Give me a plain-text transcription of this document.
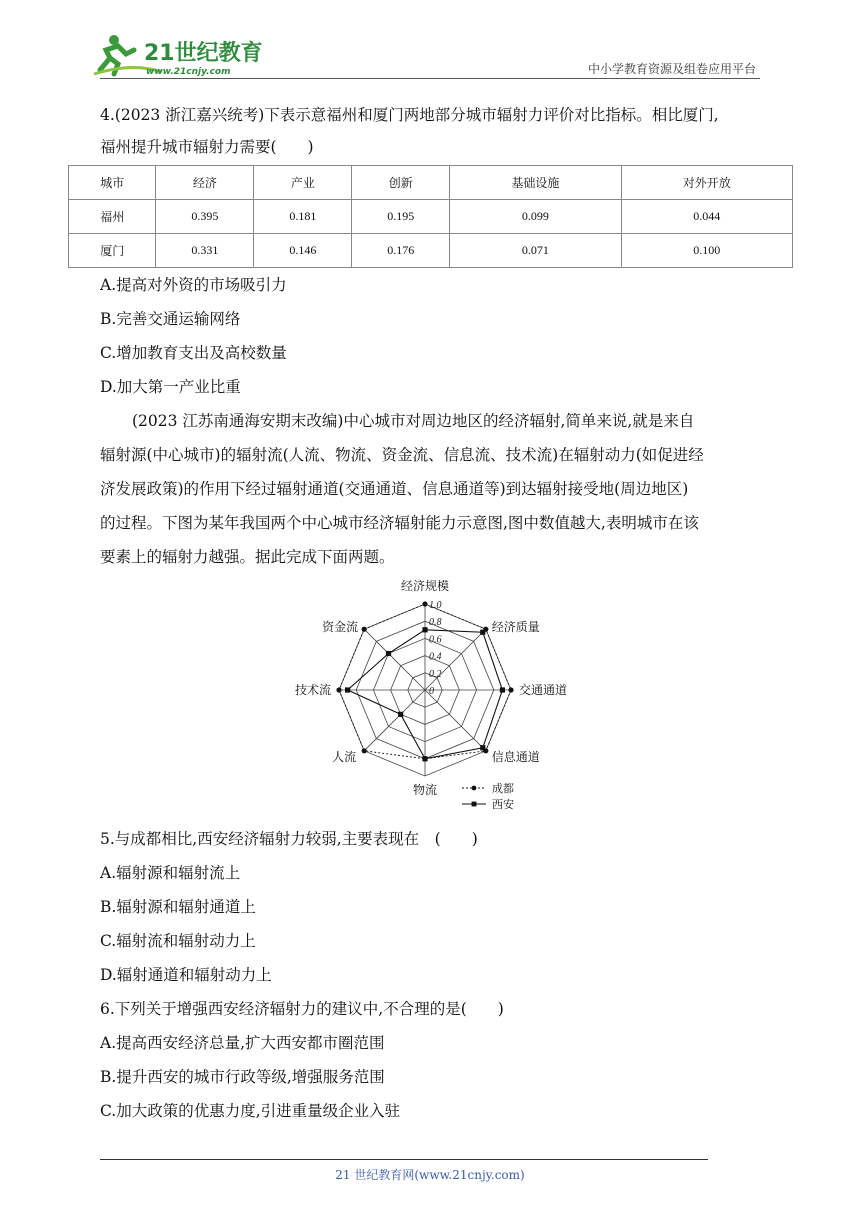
21世纪教育
www.21cnjy.com	中小学教育资源及组卷应用平台
4.(2023 浙江嘉兴统考)下表示意福州和厦门两地部分城市辐射力评价对比指标。相比厦门,
福州提升城市辐射力需要(　　)
城市	经济	产业	创新	基础设施	对外开放
福州	0.395	0.181	0.195	0.099	0.044
厦门	0.331	0.146	0.176	0.071	0.100
A.提高对外资的市场吸引力
B.完善交通运输网络
C.增加教育支出及高校数量
D.加大第一产业比重
(2023 江苏南通海安期末改编)中心城市对周边地区的经济辐射,简单来说,就是来自
辐射源(中心城市)的辐射流(人流、物流、资金流、信息流、技术流)在辐射动力(如促进经
济发展政策)的作用下经过辐射通道(交通通道、信息通道等)到达辐射接受地(周边地区)
的过程。下图为某年我国两个中心城市经济辐射能力示意图,图中数值越大,表明城市在该
要素上的辐射力越强。据此完成下面两题。
0
0.2
0.4
0.6
0.8
1.0
经济规模
经济质量
交通通道
信息通道
物流
人流
技术流
资金流
成都
西安
5.与成都相比,西安经济辐射力较弱,主要表现在　(　　)
A.辐射源和辐射流上
B.辐射源和辐射通道上
C.辐射流和辐射动力上
D.辐射通道和辐射动力上
6.下列关于增强西安经济辐射力的建议中,不合理的是(　　)
A.提高西安经济总量,扩大西安都市圈范围
B.提升西安的城市行政等级,增强服务范围
C.加大政策的优惠力度,引进重量级企业入驻
21 世纪教育网(www.21cnjy.com)
